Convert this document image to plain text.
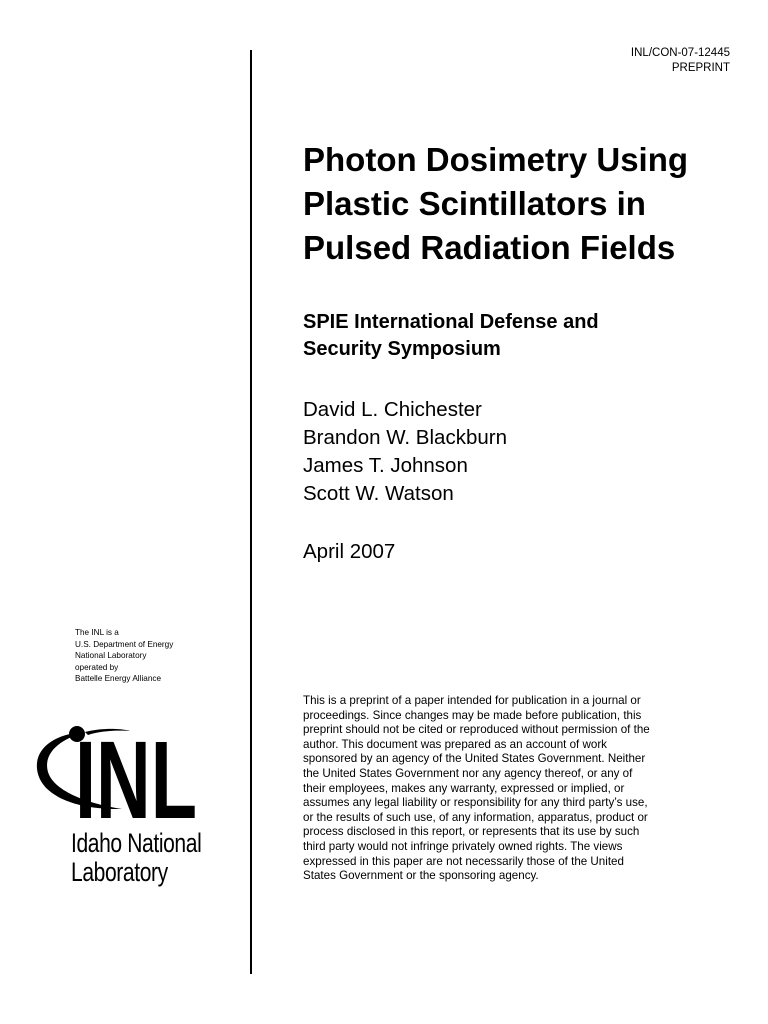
INL/CON-07-12445
PREPRINT
Photon Dosimetry Using
Plastic Scintillators in
Pulsed Radiation Fields
SPIE International Defense and
Security Symposium
David L. Chichester
Brandon W. Blackburn
James T. Johnson
Scott W. Watson
April 2007
The INL is a
U.S. Department of Energy
National Laboratory
operated by
Battelle Energy Alliance
This is a preprint of a paper intended for publication in a journal or
proceedings. Since changes may be made before publication, this
preprint should not be cited or reproduced without permission of the
author. This document was prepared as an account of work
sponsored by an agency of the United States Government. Neither
the United States Government nor any agency thereof, or any of
their employees, makes any warranty, expressed or implied, or
assumes any legal liability or responsibility for any third party’s use,
or the results of such use, of any information, apparatus, product or
process disclosed in this report, or represents that its use by such
third party would not infringe privately owned rights. The views
expressed in this paper are not necessarily those of the United
States Government or the sponsoring agency.
INL
Idaho National
Laboratory
